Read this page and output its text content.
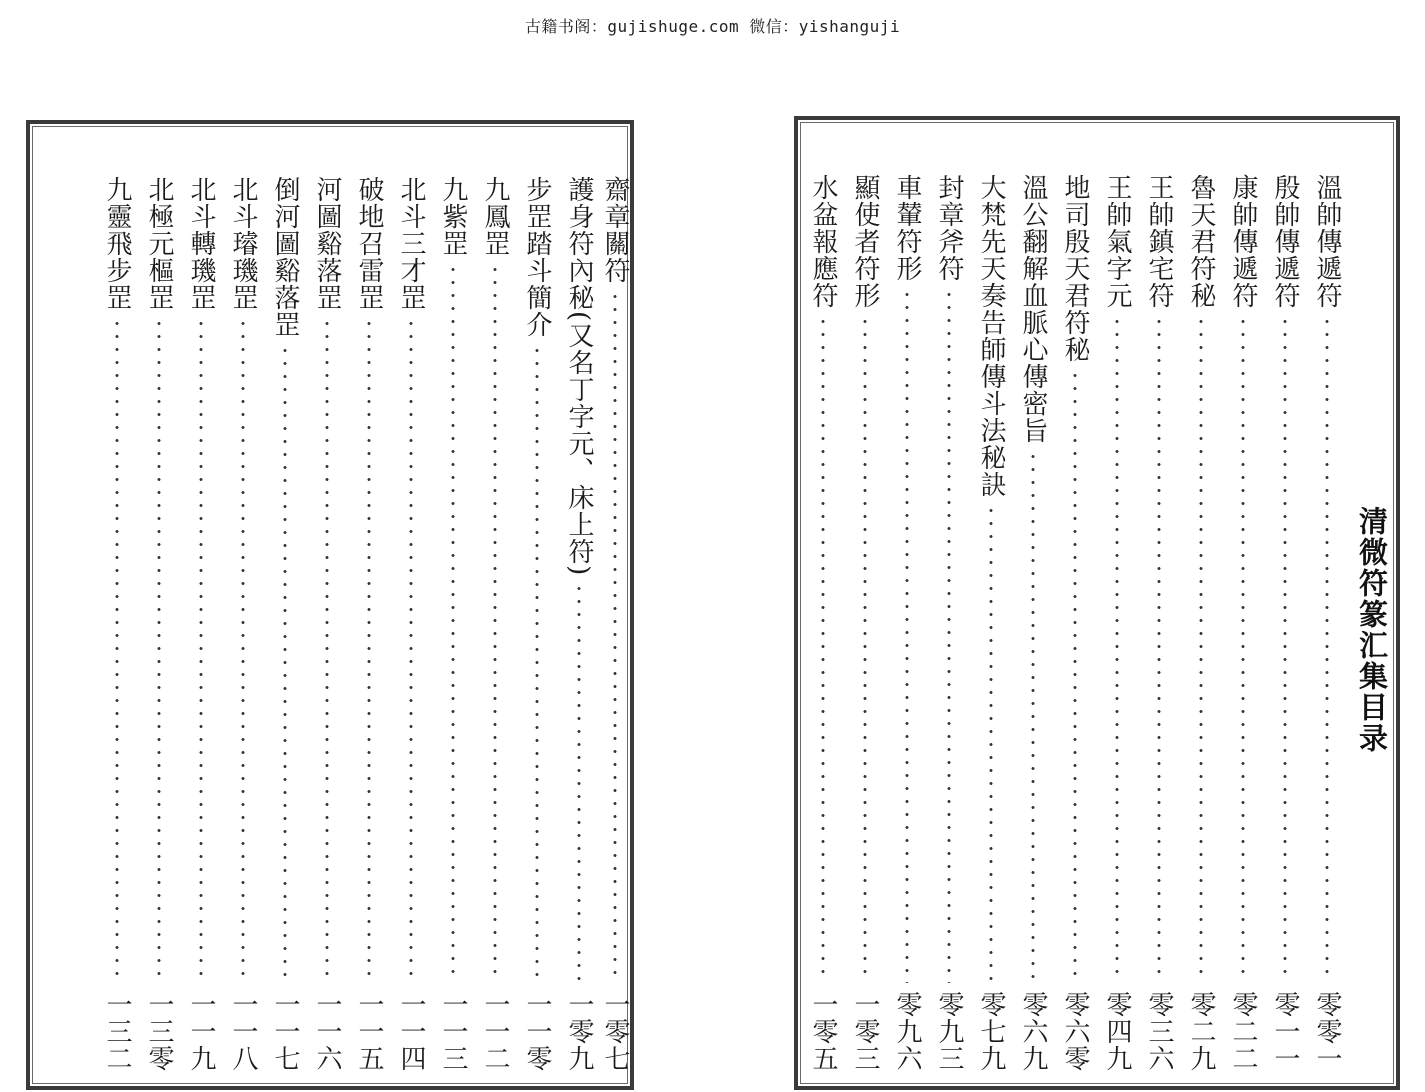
古籍书阁：gujishuge.com 微信：yishanguji
齋章關符
一零七
護身符內秘(又名丁字元、床上符)
一零九
步罡踏斗簡介
一一零
九鳳罡
一一二
九紫罡
一一三
北斗三才罡
一一四
破地召雷罡
一一五
河圖谿落罡
一一六
倒河圖谿落罡
一一七
北斗璿璣罡
一一八
北斗轉璣罡
一一九
北極元樞罡
一三零
九靈飛步罡
一三二
清微符篆汇集目录
溫帥傳遞符
零零一
殷帥傳遞符
零一一
康帥傳遞符
零二二
魯天君符秘
零二九
王帥鎮宅符
零三六
王帥氣字元
零四九
地司殷天君符秘
零六零
溫公翻解血脈心傳密旨
零六九
大梵先天奏告師傳斗法秘訣
零七九
封章斧符
零九三
車輦符形
零九六
顯使者符形
一零三
水盆報應符
一零五
